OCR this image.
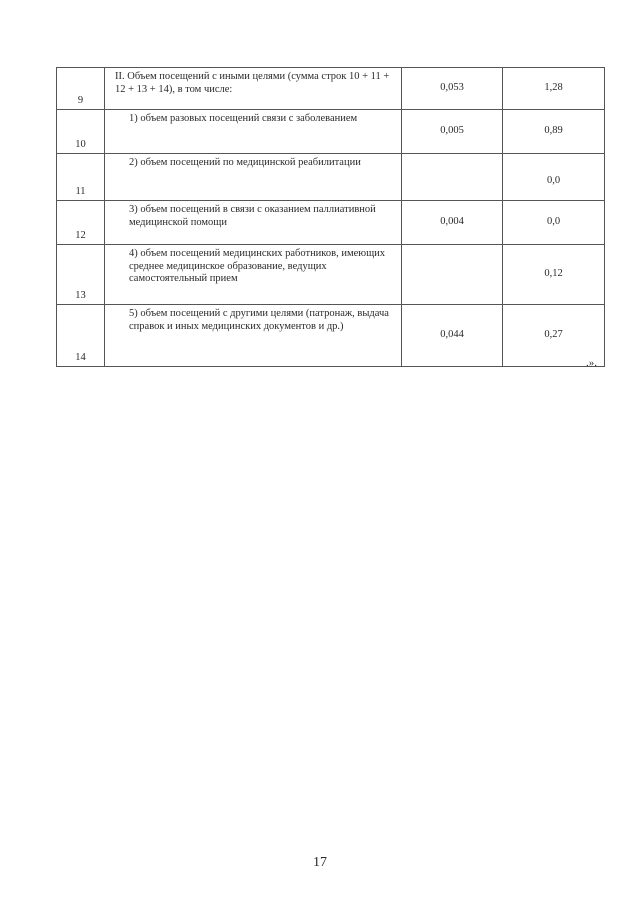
9	II. Объем посещений с иными целями (сумма строк 10 + 11 + 12 + 13 + 14), в том числе:	0,053	1,28
10	1) объем разовых посещений связи с заболеванием	0,005	0,89
11	2) объем посещений по медицинской реабилитации		0,0
12	3) объем посещений в связи с оказанием паллиативной медицинской помощи	0,004	0,0
13	4) объем посещений медицинских работников, имеющих среднее медицинское образование, ведущих самостоятельный прием		0,12
14	5) объем посещений с другими целями (патронаж, выдача справок и иных медицинских документов и др.)	0,044	0,27
.».
17
